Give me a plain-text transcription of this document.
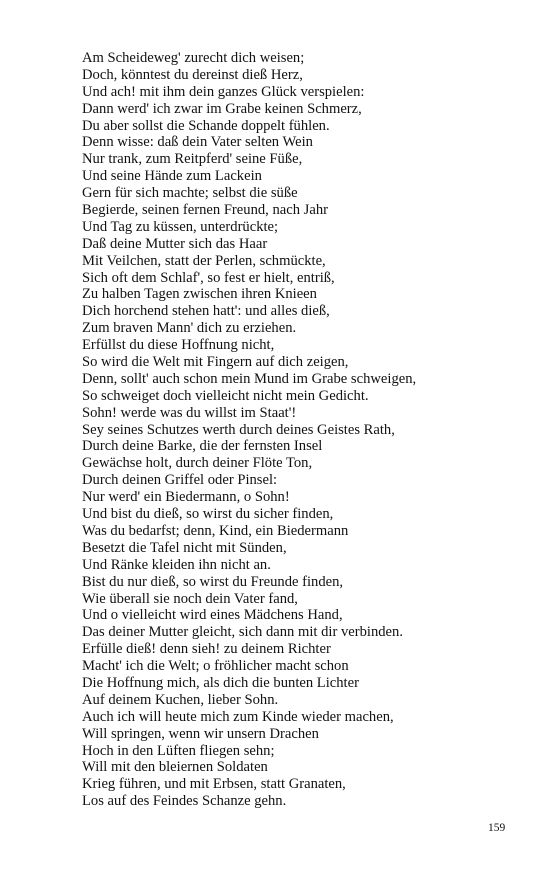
Am Scheideweg' zurecht dich weisen;
Doch, könntest du dereinst dieß Herz,
Und ach! mit ihm dein ganzes Glück verspielen:
Dann werd' ich zwar im Grabe keinen Schmerz,
Du aber sollst die Schande doppelt fühlen.
Denn wisse: daß dein Vater selten Wein
Nur trank, zum Reitpferd' seine Füße,
Und seine Hände zum Lackein
Gern für sich machte; selbst die süße
Begierde, seinen fernen Freund, nach Jahr
Und Tag zu küssen, unterdrückte;
Daß deine Mutter sich das Haar
Mit Veilchen, statt der Perlen, schmückte,
Sich oft dem Schlaf', so fest er hielt, entriß,
Zu halben Tagen zwischen ihren Knieen
Dich horchend stehen hatt': und alles dieß,
Zum braven Mann' dich zu erziehen.
Erfüllst du diese Hoffnung nicht,
So wird die Welt mit Fingern auf dich zeigen,
Denn, sollt' auch schon mein Mund im Grabe schweigen,
So schweiget doch vielleicht nicht mein Gedicht.
Sohn! werde was du willst im Staat'!
Sey seines Schutzes werth durch deines Geistes Rath,
Durch deine Barke, die der fernsten Insel
Gewächse holt, durch deiner Flöte Ton,
Durch deinen Griffel oder Pinsel:
Nur werd' ein Biedermann, o Sohn!
Und bist du dieß, so wirst du sicher finden,
Was du bedarfst; denn, Kind, ein Biedermann
Besetzt die Tafel nicht mit Sünden,
Und Ränke kleiden ihn nicht an.
Bist du nur dieß, so wirst du Freunde finden,
Wie überall sie noch dein Vater fand,
Und o vielleicht wird eines Mädchens Hand,
Das deiner Mutter gleicht, sich dann mit dir verbinden.
Erfülle dieß! denn sieh! zu deinem Richter
Macht' ich die Welt; o fröhlicher macht schon
Die Hoffnung mich, als dich die bunten Lichter
Auf deinem Kuchen, lieber Sohn.
Auch ich will heute mich zum Kinde wieder machen,
Will springen, wenn wir unsern Drachen
Hoch in den Lüften fliegen sehn;
Will mit den bleiernen Soldaten
Krieg führen, und mit Erbsen, statt Granaten,
Los auf des Feindes Schanze gehn.
159
